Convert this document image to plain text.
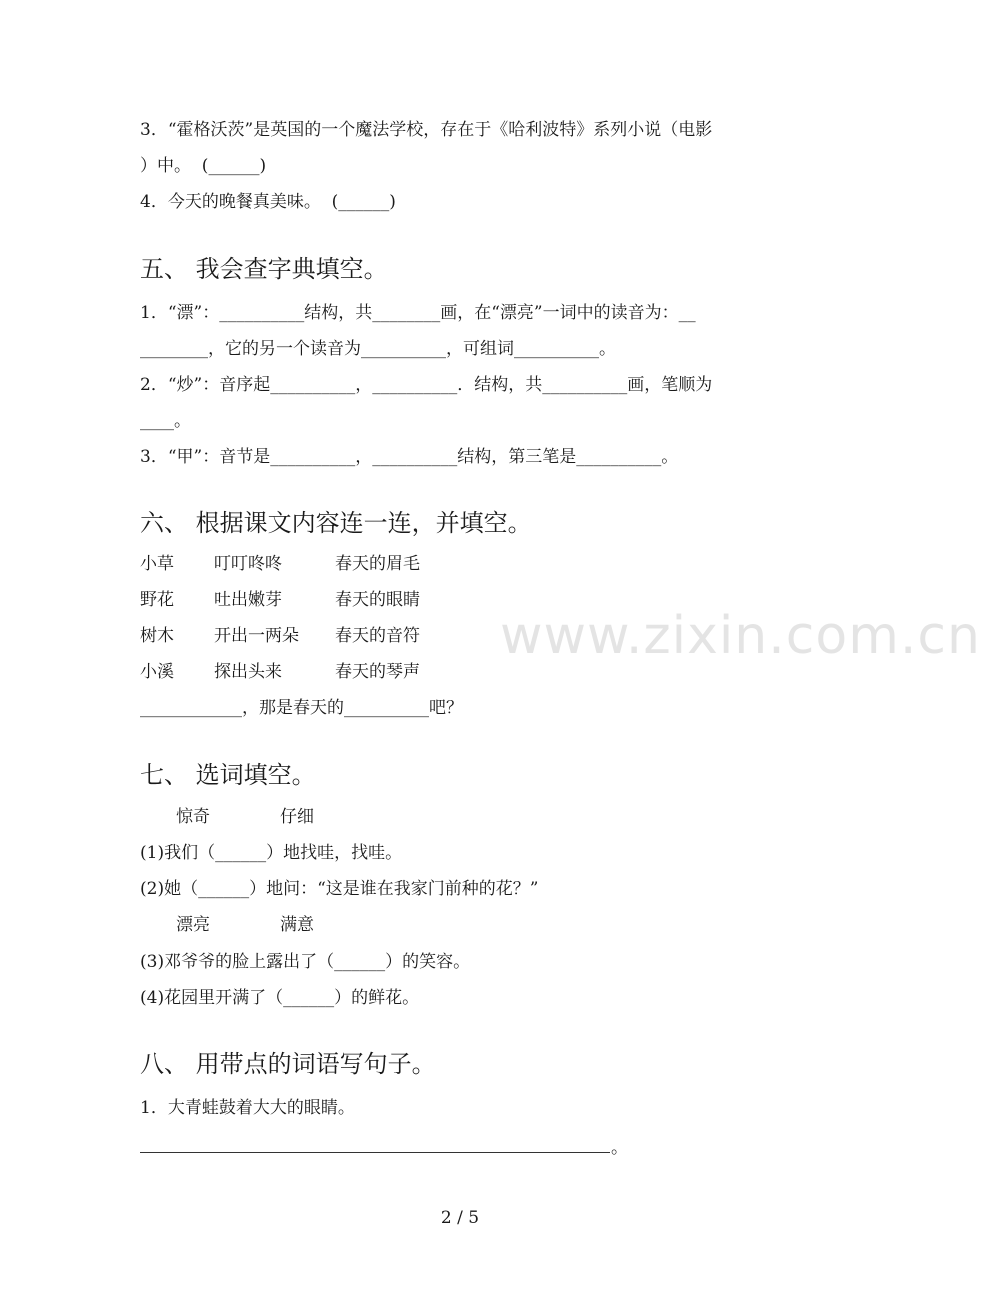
www.zixin.com.cn
3．“霍格沃茨”是英国的一个魔法学校，存在于《哈利波特》系列小说（电影
）中。  (______)
4．今天的晚餐真美味。  (______)
五、 我会查字典填空。
1．“漂”：__________结构，共________画，在“漂亮”一词中的读音为：__
________，它的另一个读音为__________，可组词__________。
2．“炒”：音序起__________，__________．结构，共__________画，笔顺为
____。
3．“甲”：音节是__________，__________结构，第三笔是__________。
六、 根据课文内容连一连，并填空。
小草
野花
树木
小溪
叮叮咚咚
吐出嫩芽
开出一两朵
探出头来
春天的眉毛
春天的眼睛
春天的音符
春天的琴声
____________，那是春天的__________吧？
七、 选词填空。
惊奇	仔细
(1)我们（______）地找哇，找哇。
(2)她（______）地问：“这是谁在我家门前种的花？”
漂亮	满意
(3)邓爷爷的脸上露出了（______）的笑容。
(4)花园里开满了（______）的鲜花。
八、 用带点的词语写句子。
1．大青蛙鼓着大大的眼睛。
。
2 / 5
